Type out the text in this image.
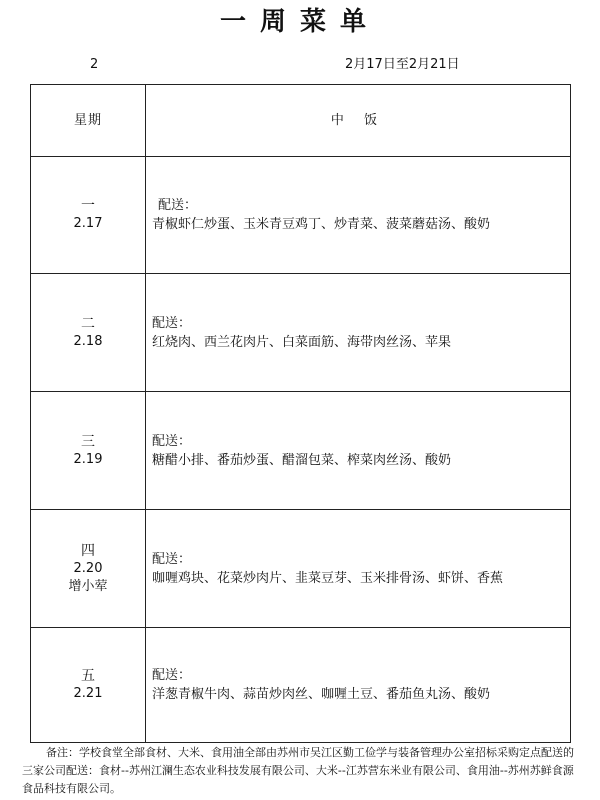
一周菜单
2	2月17日至2月21日
星期	中 饭
一
2.17
配送：
青椒虾仁炒蛋、玉米青豆鸡丁、炒青菜、菠菜蘑菇汤、酸奶
二
2.18
配送：
红烧肉、西兰花肉片、白菜面筋、海带肉丝汤、苹果
三
2.19
配送：
糖醋小排、番茄炒蛋、醋溜包菜、榨菜肉丝汤、酸奶
四
2.20
增小荤
配送：
咖喱鸡块、花菜炒肉片、韭菜豆芽、玉米排骨汤、虾饼、香蕉
五
2.21
配送：
洋葱青椒牛肉、蒜苗炒肉丝、咖喱土豆、番茄鱼丸汤、酸奶
备注：学校食堂全部食材、大米、食用油全部由苏州市吴江区勤工俭学与装备管理办公室招标采购定点配送的三家公司配送：食材--苏州江澜生态农业科技发展有限公司、大米--江苏营东米业有限公司、食用油--苏州苏鲜食源食品科技有限公司。
